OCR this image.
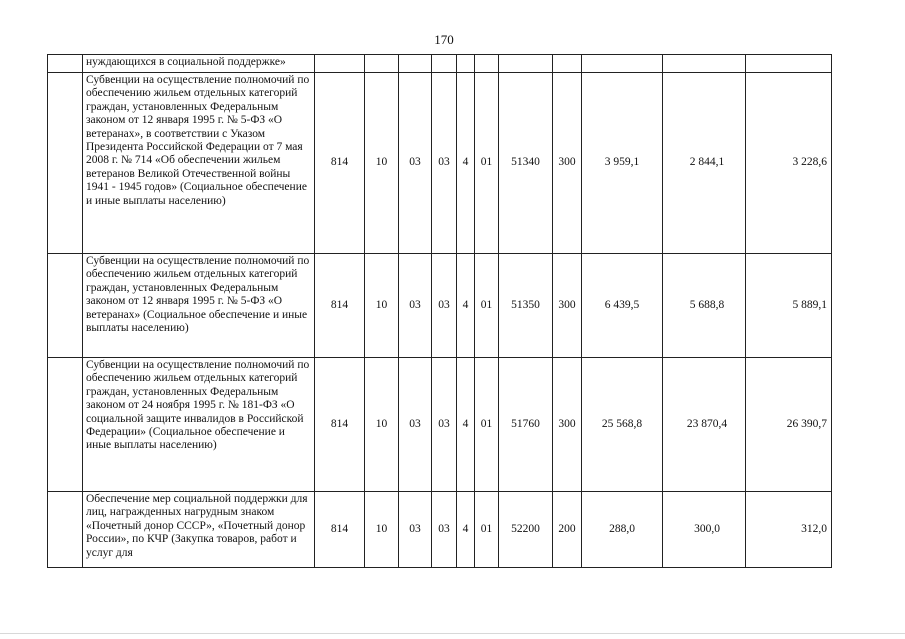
170
	нуждающихся в социальной поддержке»											
	Субвенции на осуществление полномочий по обеспечению жильем отдельных категорий граждан, установленных Федеральным законом от 12 января 1995 г. № 5-ФЗ «О ветеранах», в соответствии с Указом Президента Российской Федерации от 7 мая 2008 г. № 714 «Об обеспечении жильем ветеранов Великой Отечественной войны 1941 - 1945 годов» (Социальное обеспечение и иные выплаты населению)	814	10	03	03	4	01	51340	300	3 959,1	2 844,1	3 228,6
	Субвенции на осуществление полномочий по обеспечению жильем отдельных категорий граждан, установленных Федеральным законом от 12 января 1995 г. № 5-ФЗ «О ветеранах» (Социальное обеспечение и иные выплаты населению)	814	10	03	03	4	01	51350	300	6 439,5	5 688,8	5 889,1
	Субвенции на осуществление полномочий по обеспечению жильем отдельных категорий граждан, установленных Федеральным законом от 24 ноября 1995 г. № 181-ФЗ «О социальной защите инвалидов в Российской Федерации» (Социальное обеспечение и иные выплаты населению)	814	10	03	03	4	01	51760	300	25 568,8	23 870,4	26 390,7
	Обеспечение мер социальной поддержки для лиц, награжденных нагрудным знаком «Почетный донор СССР», «Почетный донор России», по КЧР (Закупка товаров, работ и услуг для	814	10	03	03	4	01	52200	200	288,0	300,0	312,0
